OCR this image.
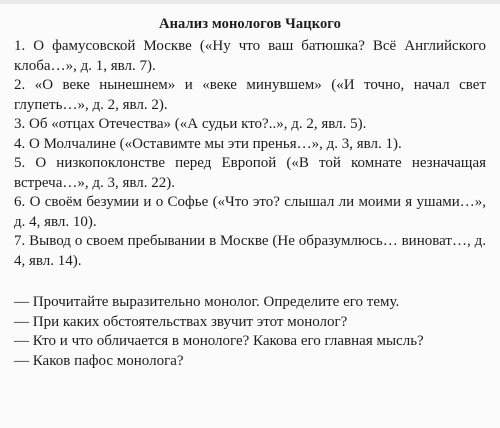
Анализ монологов Чацкого
1. О фамусовской Москве («Ну что ваш батюшка? Всё Английского клоба…», д. 1, явл. 7).
2. «О веке нынешнем» и «веке минувшем» («И точно, начал свет глупеть…», д. 2, явл. 2).
3. Об «отцах Отечества» («А судьи кто?..», д. 2, явл. 5).
4. О Молчалине («Оставимте мы эти пренья…», д. 3, явл. 1).
5. О низкопоклонстве перед Европой («В той комнате незначащая встреча…», д. 3, явл. 22).
6. О своём безумии и о Софье («Что это? слышал ли моими я ушами…», д. 4, явл. 10).
7. Вывод о своем пребывании в Москве (Не образумлюсь… виноват…, д. 4, явл. 14).
— Прочитайте выразительно монолог. Определите его тему.
— При каких обстоятельствах звучит этот монолог?
— Кто и что обличается в монологе? Какова его главная мысль?
— Каков пафос монолога?
